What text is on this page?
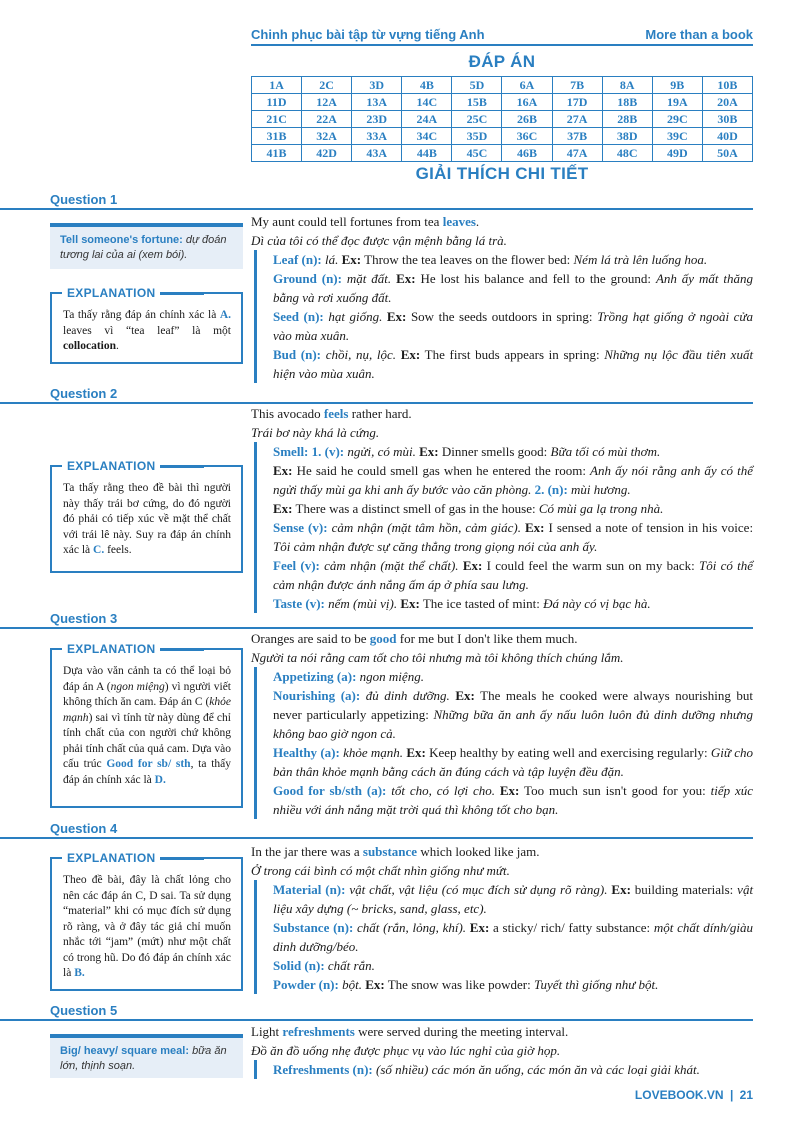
Chinh phục bài tập từ vựng tiếng Anh	More than a book
ĐÁP ÁN
1A	2C	3D	4B	5D	6A	7B	8A	9B	10B
11D	12A	13A	14C	15B	16A	17D	18B	19A	20A
21C	22A	23D	24A	25C	26B	27A	28B	29C	30B
31B	32A	33A	34C	35D	36C	37B	38D	39C	40D
41B	42D	43A	44B	45C	46B	47A	48C	49D	50A
GIẢI THÍCH CHI TIẾT
Question 1
Tell someone's fortune: dự đoán tương lai của ai (xem bói).
EXPLANATION
Ta thấy rằng đáp án chính xác là A. leaves vì “tea leaf” là một collocation.

My aunt could tell fortunes from tea leaves.

Dì của tôi có thể đọc được vận mệnh bằng lá trà.

Leaf (n): lá. Ex: Throw the tea leaves on the flower bed: Ném lá trà lên luống hoa.
Ground (n): mặt đất. Ex: He lost his balance and fell to the ground: Anh ấy mất thăng bằng và rơi xuống đất.
Seed (n): hạt giống. Ex: Sow the seeds outdoors in spring: Trồng hạt giống ở ngoài cửa vào mùa xuân.
Bud (n): chồi, nụ, lộc. Ex: The first buds appears in spring: Những nụ lộc đầu tiên xuất hiện vào mùa xuân.
Question 2
EXPLANATION
Ta thấy rằng theo đề bài thì người này thấy trái bơ cứng, do đó người đó phải có tiếp xúc về mặt thể chất với trái lê này. Suy ra đáp án chính xác là C. feels.

This avocado feels rather hard.

Trái bơ này khá là cứng.

Smell: 1. (v): ngửi, có mùi. Ex: Dinner smells good: Bữa tối có mùi thơm.
Ex: He said he could smell gas when he entered the room: Anh ấy nói rằng anh ấy có thể ngửi thấy mùi ga khi anh ấy bước vào căn phòng. 2. (n): mùi hương.
Ex: There was a distinct smell of gas in the house: Có mùi ga lạ trong nhà.
Sense (v): cảm nhận (mặt tâm hồn, cảm giác). Ex: I sensed a note of tension in his voice: Tôi cảm nhận được sự căng thẳng trong giọng nói của anh ấy.
Feel (v): cảm nhận (mặt thể chất). Ex: I could feel the warm sun on my back: Tôi có thể cảm nhận được ánh nắng ấm áp ở phía sau lưng.
Taste (v): nếm (mùi vị). Ex: The ice tasted of mint: Đá này có vị bạc hà.
Question 3
EXPLANATION
Dựa vào văn cảnh ta có thể loại bỏ đáp án A (ngon miệng) vì người viết không thích ăn cam. Đáp án C (khỏe mạnh) sai vì tính từ này dùng để chỉ tính chất của con người chứ không phải tính chất của quả cam. Dựa vào cấu trúc Good for sb/ sth, ta thấy đáp án chính xác là D.

Oranges are said to be good for me but I don't like them much.

Người ta nói rằng cam tốt cho tôi nhưng mà tôi không thích chúng lắm.

Appetizing (a): ngon miệng.
Nourishing (a): đủ dinh dưỡng. Ex: The meals he cooked were always nourishing but never particularly appetizing: Những bữa ăn anh ấy nấu luôn luôn đủ dinh dưỡng nhưng không bao giờ ngon cả.
Healthy (a): khỏe mạnh. Ex: Keep healthy by eating well and exercising regularly: Giữ cho bản thân khỏe mạnh bằng cách ăn đúng cách và tập luyện đều đặn.
Good for sb/sth (a): tốt cho, có lợi cho. Ex: Too much sun isn't good for you: tiếp xúc nhiều với ánh nắng mặt trời quá thì không tốt cho bạn.
Question 4
EXPLANATION
Theo đề bài, đây là chất lỏng cho nên các đáp án C, D sai. Ta sử dụng “material” khi có mục đích sử dụng rõ ràng, và ở đây tác giả chỉ muốn nhắc tới “jam” (mứt) như một chất có trong hũ. Do đó đáp án chính xác là B.

In the jar there was a substance which looked like jam.

Ở trong cái bình có một chất nhìn giống như mứt.

Material (n): vật chất, vật liệu (có mục đích sử dụng rõ ràng). Ex: building materials: vật liệu xây dựng (~ bricks, sand, glass, etc).
Substance (n): chất (rắn, lỏng, khí). Ex: a sticky/ rich/ fatty substance: một chất dính/giàu dinh dưỡng/béo.
Solid (n): chất rắn.
Powder (n): bột. Ex: The snow was like powder: Tuyết thì giống như bột.
Question 5
Big/ heavy/ square meal: bữa ăn lớn, thịnh soạn.

Light refreshments were served during the meeting interval.

Đồ ăn đồ uống nhẹ được phục vụ vào lúc nghỉ của giờ họp.

Refreshments (n): (số nhiều) các món ăn uống, các món ăn và các loại giải khát.
LOVEBOOK.VN | 21
